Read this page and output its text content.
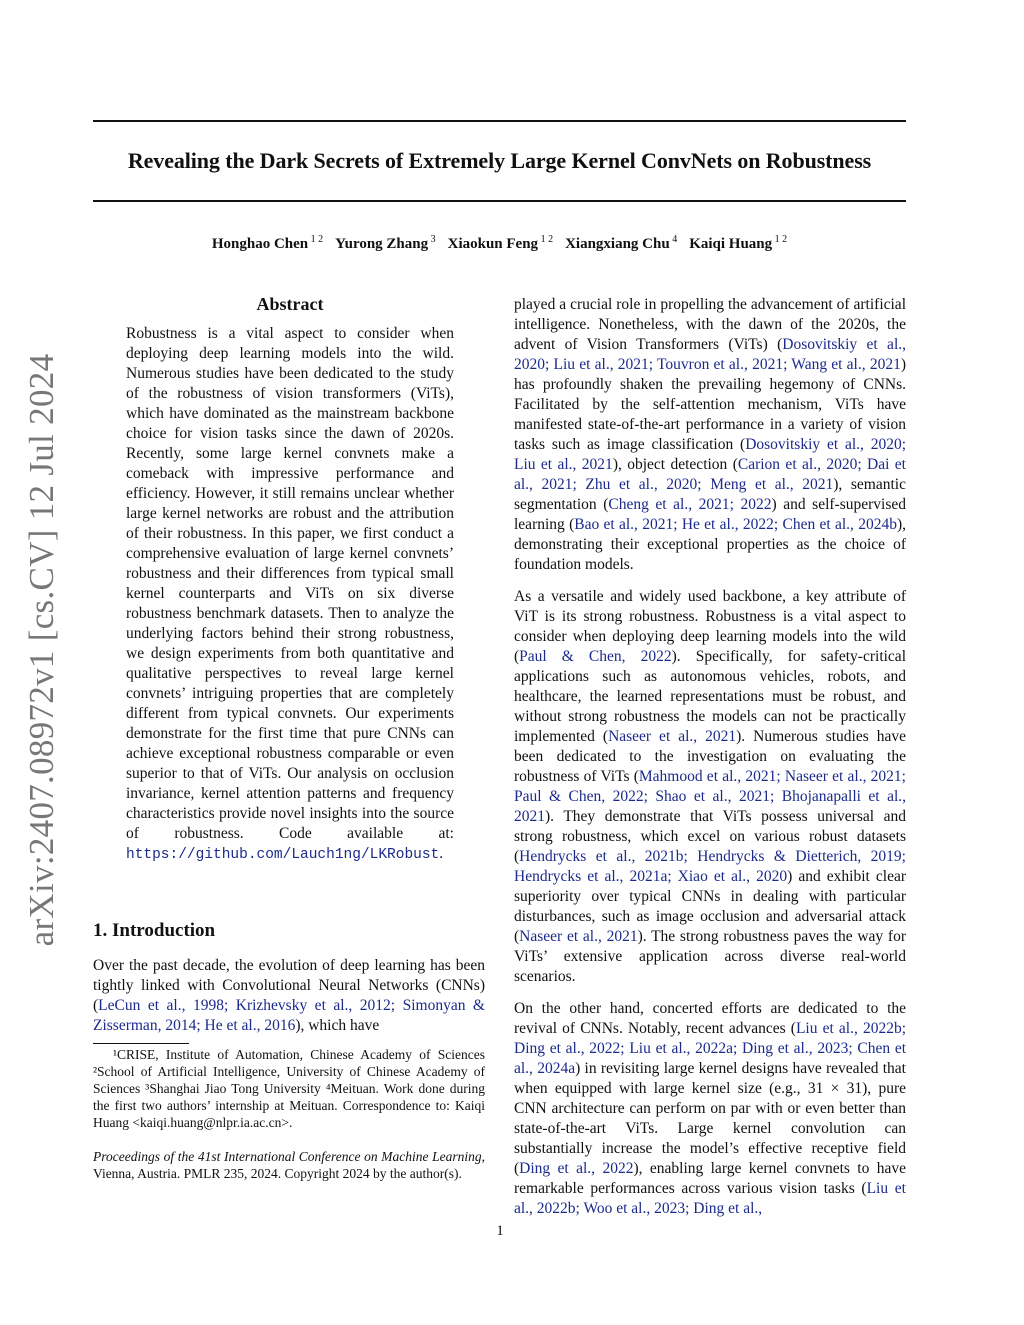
Revealing the Dark Secrets of Extremely Large Kernel ConvNets on Robustness
Honghao Chen $^{1 2}$ Yurong Zhang $^3$ Xiaokun Feng $^{1 2}$ Xiangxiang Chu $^4$ Kaiqi Huang $^{1 2}$
arXiv:2407.08972v1 [cs.CV] 12 Jul 2024
Abstract

Robustness is a vital aspect to consider when deploying deep learning models into the wild. Numerous studies have been dedicated to the study of the robustness of vision transformers (ViTs), which have dominated as the mainstream backbone choice for vision tasks since the dawn of 2020s. Recently, some large kernel convnets make a comeback with impressive performance and efficiency. However, it still remains unclear whether large kernel networks are robust and the attribution of their robustness. In this paper, we first conduct a comprehensive evaluation of large kernel convnets’ robustness and their differences from typical small kernel counterparts and ViTs on six diverse robustness benchmark datasets. Then to analyze the underlying factors behind their strong robustness, we design experiments from both quantitative and qualitative perspectives to reveal large kernel convnets’ intriguing properties that are completely different from typical convnets. Our experiments demonstrate for the first time that pure CNNs can achieve exceptional robustness comparable or even superior to that of ViTs. Our analysis on occlusion invariance, kernel attention patterns and frequency characteristics provide novel insights into the source of robustness. Code available at: https://github.com/Lauch1ng/LKRobust.

1. Introduction

Over the past decade, the evolution of deep learning has been tightly linked with Convolutional Neural Networks (CNNs) (LeCun et al., 1998; Krizhevsky et al., 2012; Simonyan & Zisserman, 2014; He et al., 2016), which have

¹CRISE, Institute of Automation, Chinese Academy of Sciences ²School of Artificial Intelligence, University of Chinese Academy of Sciences ³Shanghai Jiao Tong University ⁴Meituan. Work done during the first two authors’ internship at Meituan. Correspondence to: Kaiqi Huang <kaiqi.huang@nlpr.ia.ac.cn>.

Proceedings of the 41st International Conference on Machine Learning, Vienna, Austria. PMLR 235, 2024. Copyright 2024 by the author(s).

played a crucial role in propelling the advancement of artificial intelligence. Nonetheless, with the dawn of the 2020s, the advent of Vision Transformers (ViTs) (Dosovitskiy et al., 2020; Liu et al., 2021; Touvron et al., 2021; Wang et al., 2021) has profoundly shaken the prevailing hegemony of CNNs. Facilitated by the self-attention mechanism, ViTs have manifested state-of-the-art performance in a variety of vision tasks such as image classification (Dosovitskiy et al., 2020; Liu et al., 2021), object detection (Carion et al., 2020; Dai et al., 2021; Zhu et al., 2020; Meng et al., 2021), semantic segmentation (Cheng et al., 2021; 2022) and self-supervised learning (Bao et al., 2021; He et al., 2022; Chen et al., 2024b), demonstrating their exceptional properties as the choice of foundation models.

As a versatile and widely used backbone, a key attribute of ViT is its strong robustness. Robustness is a vital aspect to consider when deploying deep learning models into the wild (Paul & Chen, 2022). Specifically, for safety-critical applications such as autonomous vehicles, robots, and healthcare, the learned representations must be robust, and without strong robustness the models can not be practically implemented (Naseer et al., 2021). Numerous studies have been dedicated to the investigation on evaluating the robustness of ViTs (Mahmood et al., 2021; Naseer et al., 2021; Paul & Chen, 2022; Shao et al., 2021; Bhojanapalli et al., 2021). They demonstrate that ViTs possess universal and strong robustness, which excel on various robust datasets (Hendrycks et al., 2021b; Hendrycks & Dietterich, 2019; Hendrycks et al., 2021a; Xiao et al., 2020) and exhibit clear superiority over typical CNNs in dealing with particular disturbances, such as image occlusion and adversarial attack (Naseer et al., 2021). The strong robustness paves the way for ViTs’ extensive application across diverse real-world scenarios.

On the other hand, concerted efforts are dedicated to the revival of CNNs. Notably, recent advances (Liu et al., 2022b; Ding et al., 2022; Liu et al., 2022a; Ding et al., 2023; Chen et al., 2024a) in revisiting large kernel designs have revealed that when equipped with large kernel size (e.g., 31 × 31), pure CNN architecture can perform on par with or even better than state-of-the-art ViTs. Large kernel convolution can substantially increase the model’s effective receptive field (Ding et al., 2022), enabling large kernel convnets to have remarkable performances across various vision tasks (Liu et al., 2022b; Woo et al., 2023; Ding et al.,

1
